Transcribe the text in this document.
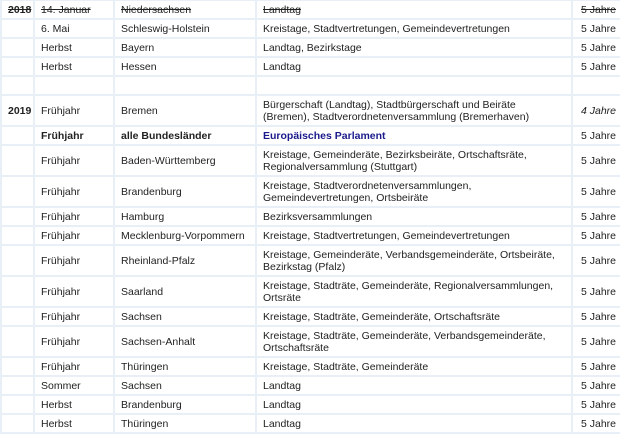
2018	14. Januar	Niedersachsen	Landtag	5 Jahre
	6. Mai	Schleswig-Holstein	Kreistage, Stadtvertretungen, Gemeindevertretungen	5 Jahre
	Herbst	Bayern	Landtag, Bezirkstage	5 Jahre
	Herbst	Hessen	Landtag	5 Jahre

2019	Frühjahr	Bremen	Bürgerschaft (Landtag), Stadtbürgerschaft und Beiräte (Bremen), Stadtverordnetenversammlung (Bremerhaven)	4 Jahre
	Frühjahr	alle Bundesländer	Europäisches Parlament	5 Jahre
	Frühjahr	Baden-Württemberg	Kreistage, Gemeinderäte, Bezirksbeiräte, Ortschaftsräte, Regionalversammlung (Stuttgart)	5 Jahre
	Frühjahr	Brandenburg	Kreistage, Stadtverordnetenversammlungen, Gemeindevertretungen, Ortsbeiräte	5 Jahre
	Frühjahr	Hamburg	Bezirksversammlungen	5 Jahre
	Frühjahr	Mecklenburg-Vorpommern	Kreistage, Stadtvertretungen, Gemeindevertretungen	5 Jahre
	Frühjahr	Rheinland-Pfalz	Kreistage, Gemeinderäte, Verbandsgemeinderäte, Ortsbeiräte, Bezirkstag (Pfalz)	5 Jahre
	Frühjahr	Saarland	Kreistage, Stadträte, Gemeinderäte, Regionalversammlungen, Ortsräte	5 Jahre
	Frühjahr	Sachsen	Kreistage, Stadträte, Gemeinderäte, Ortschaftsräte	5 Jahre
	Frühjahr	Sachsen-Anhalt	Kreistage, Stadträte, Gemeinderäte, Verbandsgemeinderäte, Ortschaftsräte	5 Jahre
	Frühjahr	Thüringen	Kreistage, Stadträte, Gemeinderäte	5 Jahre
	Sommer	Sachsen	Landtag	5 Jahre
	Herbst	Brandenburg	Landtag	5 Jahre
	Herbst	Thüringen	Landtag	5 Jahre
